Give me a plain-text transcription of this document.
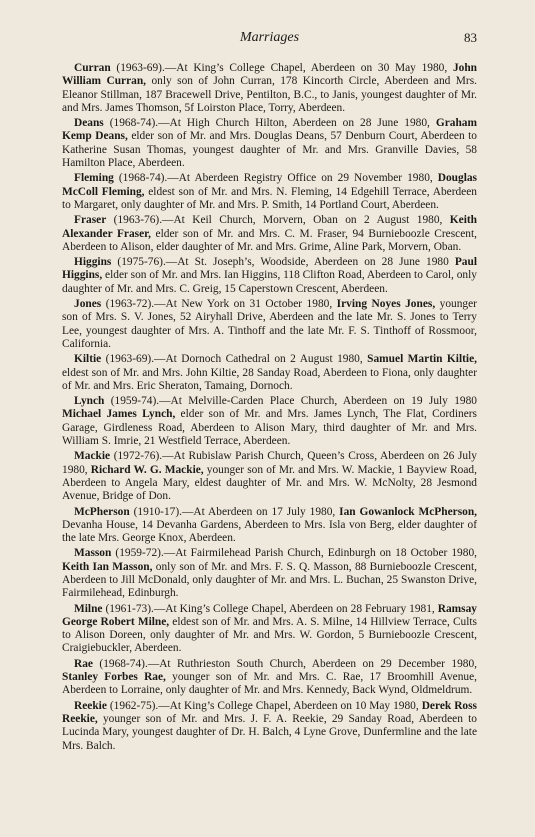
Marriages	83

Curran (1963-69).—At King’s College Chapel, Aberdeen on 30 May 1980, John William Curran, only son of John Curran, 178 Kincorth Circle, Aberdeen and Mrs. Eleanor Stillman, 187 Bracewell Drive, Pentilton, B.C., to Janis, youngest daughter of Mr. and Mrs. James Thomson, 5f Loirston Place, Torry, Aberdeen.

Deans (1968-74).—At High Church Hilton, Aberdeen on 28 June 1980, Graham Kemp Deans, elder son of Mr. and Mrs. Douglas Deans, 57 Denburn Court, Aberdeen to Katherine Susan Thomas, youngest daughter of Mr. and Mrs. Granville Davies, 58 Hamilton Place, Aberdeen.

Fleming (1968-74).—At Aberdeen Registry Office on 29 November 1980, Douglas McColl Fleming, eldest son of Mr. and Mrs. N. Fleming, 14 Edgehill Terrace, Aberdeen to Margaret, only daughter of Mr. and Mrs. P. Smith, 14 Portland Court, Aberdeen.

Fraser (1963-76).—At Keil Church, Morvern, Oban on 2 August 1980, Keith Alexander Fraser, elder son of Mr. and Mrs. C. M. Fraser, 94 Burnieboozle Crescent, Aberdeen to Alison, elder daughter of Mr. and Mrs. Grime, Aline Park, Morvern, Oban.

Higgins (1975-76).—At St. Joseph’s, Woodside, Aberdeen on 28 June 1980 Paul Higgins, elder son of Mr. and Mrs. Ian Higgins, 118 Clifton Road, Aberdeen to Carol, only daughter of Mr. and Mrs. C. Greig, 15 Caperstown Crescent, Aberdeen.

Jones (1963-72).—At New York on 31 October 1980, Irving Noyes Jones, younger son of Mrs. S. V. Jones, 52 Airyhall Drive, Aberdeen and the late Mr. S. Jones to Terry Lee, youngest daughter of Mrs. A. Tinthoff and the late Mr. F. S. Tinthoff of Rossmoor, California.

Kiltie (1963-69).—At Dornoch Cathedral on 2 August 1980, Samuel Martin Kiltie, eldest son of Mr. and Mrs. John Kiltie, 28 Sanday Road, Aberdeen to Fiona, only daughter of Mr. and Mrs. Eric Sheraton, Tamaing, Dornoch.

Lynch (1959-74).—At Melville-Carden Place Church, Aberdeen on 19 July 1980 Michael James Lynch, elder son of Mr. and Mrs. James Lynch, The Flat, Cordiners Garage, Girdleness Road, Aberdeen to Alison Mary, third daughter of Mr. and Mrs. William S. Imrie, 21 Westfield Terrace, Aberdeen.

Mackie (1972-76).—At Rubislaw Parish Church, Queen’s Cross, Aberdeen on 26 July 1980, Richard W. G. Mackie, younger son of Mr. and Mrs. W. Mackie, 1 Bayview Road, Aberdeen to Angela Mary, eldest daughter of Mr. and Mrs. W. McNolty, 28 Jesmond Avenue, Bridge of Don.

McPherson (1910-17).—At Aberdeen on 17 July 1980, Ian Gowanlock McPherson, Devanha House, 14 Devanha Gardens, Aberdeen to Mrs. Isla von Berg, elder daughter of the late Mrs. George Knox, Aberdeen.

Masson (1959-72).—At Fairmilehead Parish Church, Edinburgh on 18 October 1980, Keith Ian Masson, only son of Mr. and Mrs. F. S. Q. Masson, 88 Burnieboozle Crescent, Aberdeen to Jill McDonald, only daughter of Mr. and Mrs. L. Buchan, 25 Swanston Drive, Fairmilehead, Edinburgh.

Milne (1961-73).—At King’s College Chapel, Aberdeen on 28 February 1981, Ramsay George Robert Milne, eldest son of Mr. and Mrs. A. S. Milne, 14 Hillview Terrace, Cults to Alison Doreen, only daughter of Mr. and Mrs. W. Gordon, 5 Burnieboozle Crescent, Craigiebuckler, Aberdeen.

Rae (1968-74).—At Ruthrieston South Church, Aberdeen on 29 December 1980, Stanley Forbes Rae, younger son of Mr. and Mrs. C. Rae, 17 Broomhill Avenue, Aberdeen to Lorraine, only daughter of Mr. and Mrs. Kennedy, Back Wynd, Oldmeldrum.

Reekie (1962-75).—At King’s College Chapel, Aberdeen on 10 May 1980, Derek Ross Reekie, younger son of Mr. and Mrs. J. F. A. Reekie, 29 Sanday Road, Aberdeen to Lucinda Mary, youngest daughter of Dr. H. Balch, 4 Lyne Grove, Dunfermline and the late Mrs. Balch.
